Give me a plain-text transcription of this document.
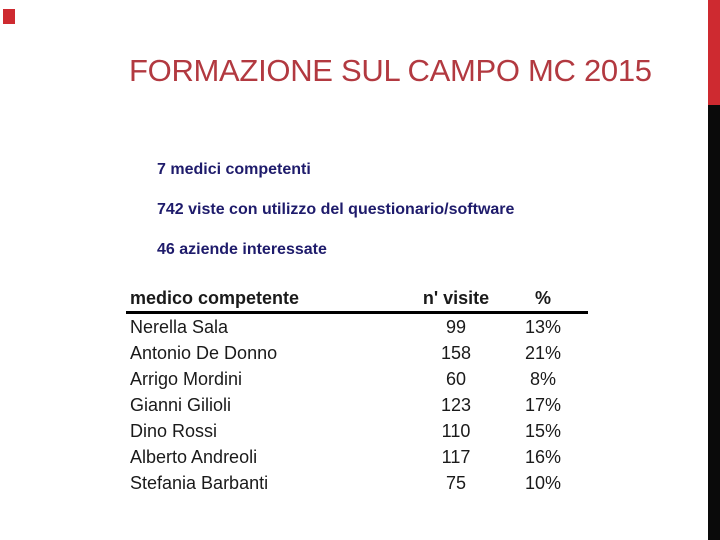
FORMAZIONE SUL CAMPO MC 2015
7 medici competenti
742 viste con utilizzo del questionario/software
46 aziende interessate
medico competente	n' visite	%
Nerella Sala	99	13%
Antonio De Donno	158	21%
Arrigo Mordini	60	8%
Gianni Gilioli	123	17%
Dino Rossi	110	15%
Alberto Andreoli	117	16%
Stefania Barbanti	75	10%
